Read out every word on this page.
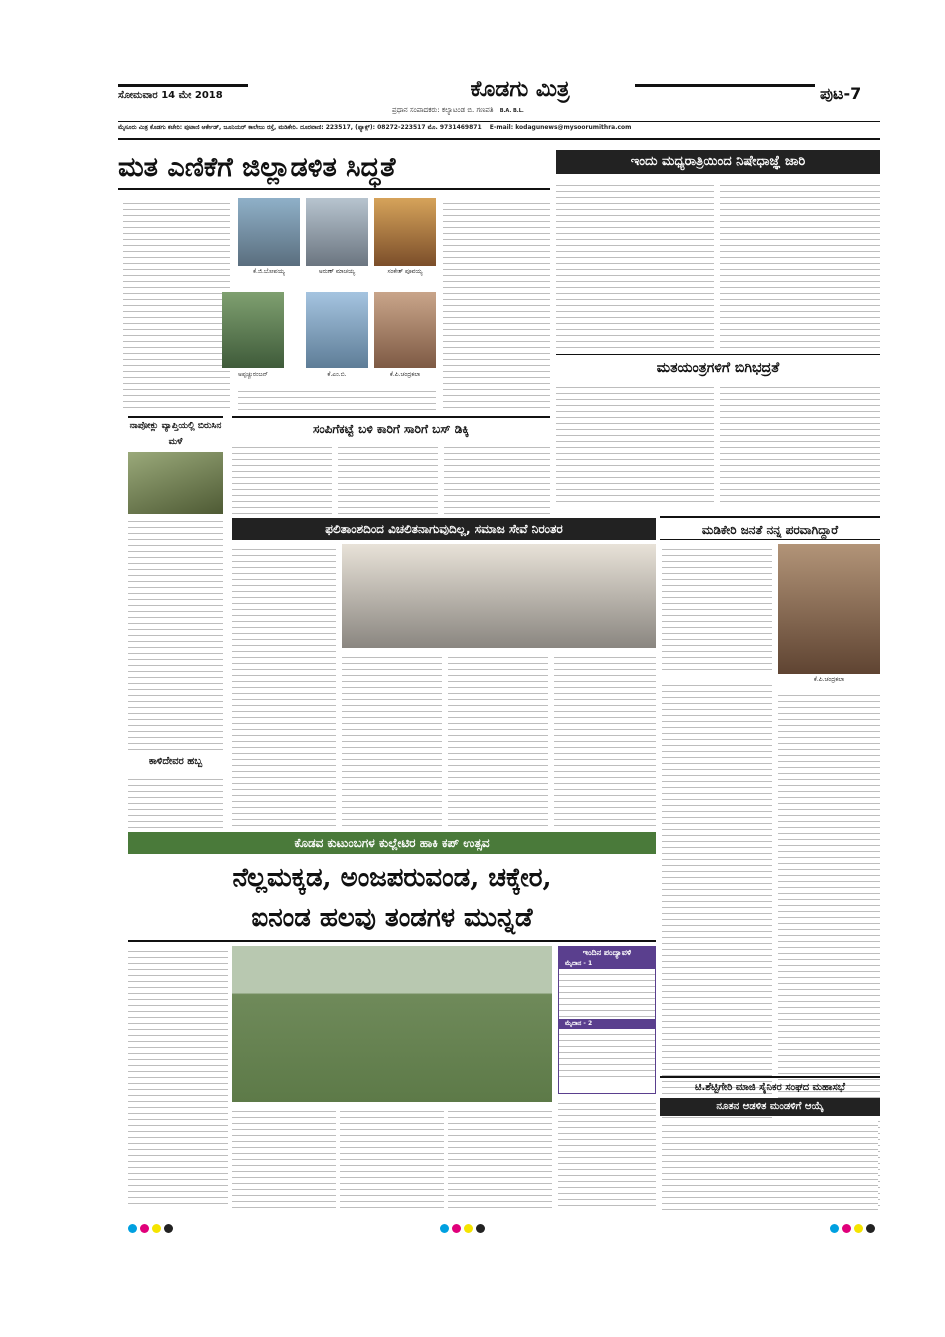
ಸೋಮವಾರ 14 ಮೇ 2018	ಕೊಡಗು ಮಿತ್ರ	ಪುಟ-7
ಪ್ರಧಾನ ಸಂಪಾದಕರು: ಕಲ್ಯಾಟಂಡ ಬಿ. ಗಣಪತಿ B.A. B.L.
ಮೈಸೂರು ಮಿತ್ರ ಕೊಡಗು ಕಚೇರಿ: ಪುಟಾಣಿ ಆರ್ಕೇಡ್, ಜೂನಿಯರ್ ಕಾಲೇಜು ರಸ್ತೆ, ಮಡಿಕೇರಿ. ದೂರವಾಣಿ: 223517, (ಫ್ಯಾಕ್ಸ್): 08272-223517 ಮೊ. 9731469871 E-mail: kodagunews@mysoorumithra.com
ಮತ ಎಣಿಕೆಗೆ ಜಿಲ್ಲಾಡಳಿತ ಸಿದ್ಧತೆ
ಕೆ.ಜಿ.ಬೋಪಯ್ಯ	ಅರುಣ್ ಮಾಚಯ್ಯ	ಸಂಕೇತ್ ಪೂವಯ್ಯ
ಅಪ್ಪಚ್ಚುರಂಜನ್	ಕೆ.ಎಂ.ಬಿ.	ಕೆ.ಪಿ.ಚಂದ್ರಕಲಾ
ಇಂದು ಮಧ್ಯರಾತ್ರಿಯಿಂದ ನಿಷೇಧಾಜ್ಞೆ ಜಾರಿ
ಮತಯಂತ್ರಗಳಿಗೆ ಬಿಗಿಭದ್ರತೆ
ನಾಪೋಕ್ಲು ವ್ಯಾಪ್ತಿಯಲ್ಲಿ ಬಿರುಸಿನ ಮಳೆ
ಕಾಳಿದೇವರ ಹಬ್ಬ
ಸಂಪಿಗೆಕಟ್ಟೆ ಬಳಿ ಕಾರಿಗೆ ಸಾರಿಗೆ ಬಸ್ ಡಿಕ್ಕಿ
ಫಲಿತಾಂಶದಿಂದ ವಿಚಲಿತನಾಗುವುದಿಲ್ಲ, ಸಮಾಜ ಸೇವೆ ನಿರಂತರ	ಮಡಿಕೇರಿ ಜನತೆ ನನ್ನ ಪರವಾಗಿದ್ದಾರೆ
ಕೆ.ಪಿ.ಚಂದ್ರಕಲಾ
ಕೊಡವ ಕುಟುಂಬಗಳ ಕುಲ್ಲೇಟಿರ ಹಾಕಿ ಕಪ್ ಉತ್ಸವ
ನೆಲ್ಲಮಕ್ಕಡ, ಅಂಜಪರುವಂಡ, ಚಕ್ಕೇರ,
ಐನಂಡ ಹಲವು ತಂಡಗಳ ಮುನ್ನಡೆ
ಇಂದಿನ ಪಂದ್ಯಾವಳಿ
ಮೈದಾನ - 1
ಮೈದಾನ - 2
ಟಿ.ಶೆಟ್ಟಿಗೇರಿ ಮಾಜಿ ಸೈನಿಕರ ಸಂಘದ ಮಹಾಸಭೆ
ನೂತನ ಆಡಳಿತ ಮಂಡಳಿಗೆ ಆಯ್ಕೆ
